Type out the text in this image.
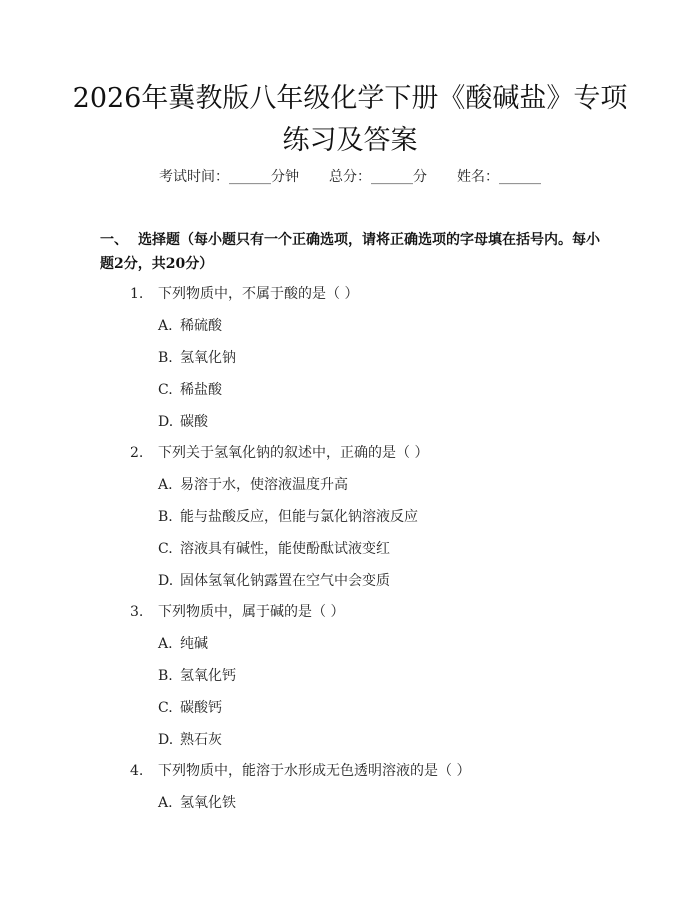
2026年冀教版八年级化学下册《酸碱盐》专项练习及答案
考试时间：______分钟 总分：______分 姓名：______
一、 选择题（每小题只有一个正确选项，请将正确选项的字母填在括号内。每小题2分，共20分）
1. 下列物质中，不属于酸的是（ ）
A. 稀硫酸
B. 氢氧化钠
C. 稀盐酸
D. 碳酸
2. 下列关于氢氧化钠的叙述中，正确的是（ ）
A. 易溶于水，使溶液温度升高
B. 能与盐酸反应，但能与氯化钠溶液反应
C. 溶液具有碱性，能使酚酞试液变红
D. 固体氢氧化钠露置在空气中会变质
3. 下列物质中，属于碱的是（ ）
A. 纯碱
B. 氢氧化钙
C. 碳酸钙
D. 熟石灰
4. 下列物质中，能溶于水形成无色透明溶液的是（ ）
A. 氢氧化铁
